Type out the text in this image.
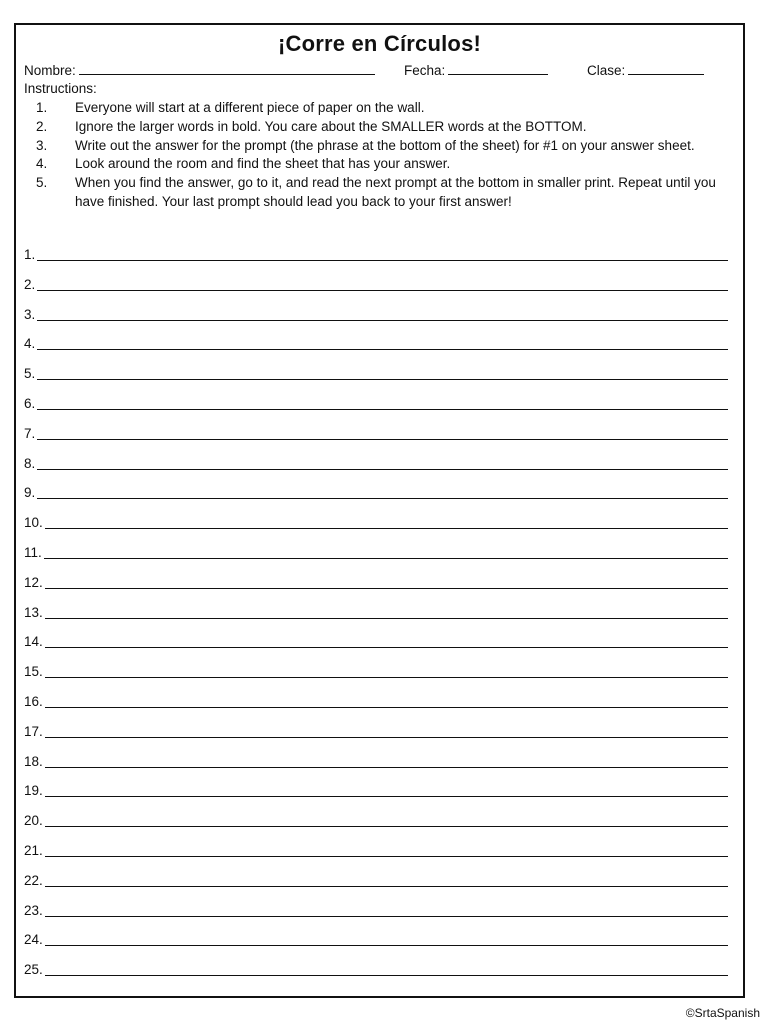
¡Corre en Círculos!
Nombre:	Fecha:	Clase:
Instructions:
1. Everyone will start at a different piece of paper on the wall.
2. Ignore the larger words in bold. You care about the SMALLER words at the BOTTOM.
3. Write out the answer for the prompt (the phrase at the bottom of the sheet) for #1 on your answer sheet.
4. Look around the room and find the sheet that has your answer.
5. When you find the answer, go to it, and read the next prompt at the bottom in smaller print. Repeat until you have finished. Your last prompt should lead you back to your first answer!
1.
2.
3.
4.
5.
6.
7.
8.
9.
10.
11.
12.
13.
14.
15.
16.
17.
18.
19.
20.
21.
22.
23.
24.
25.
©SrtaSpanish
